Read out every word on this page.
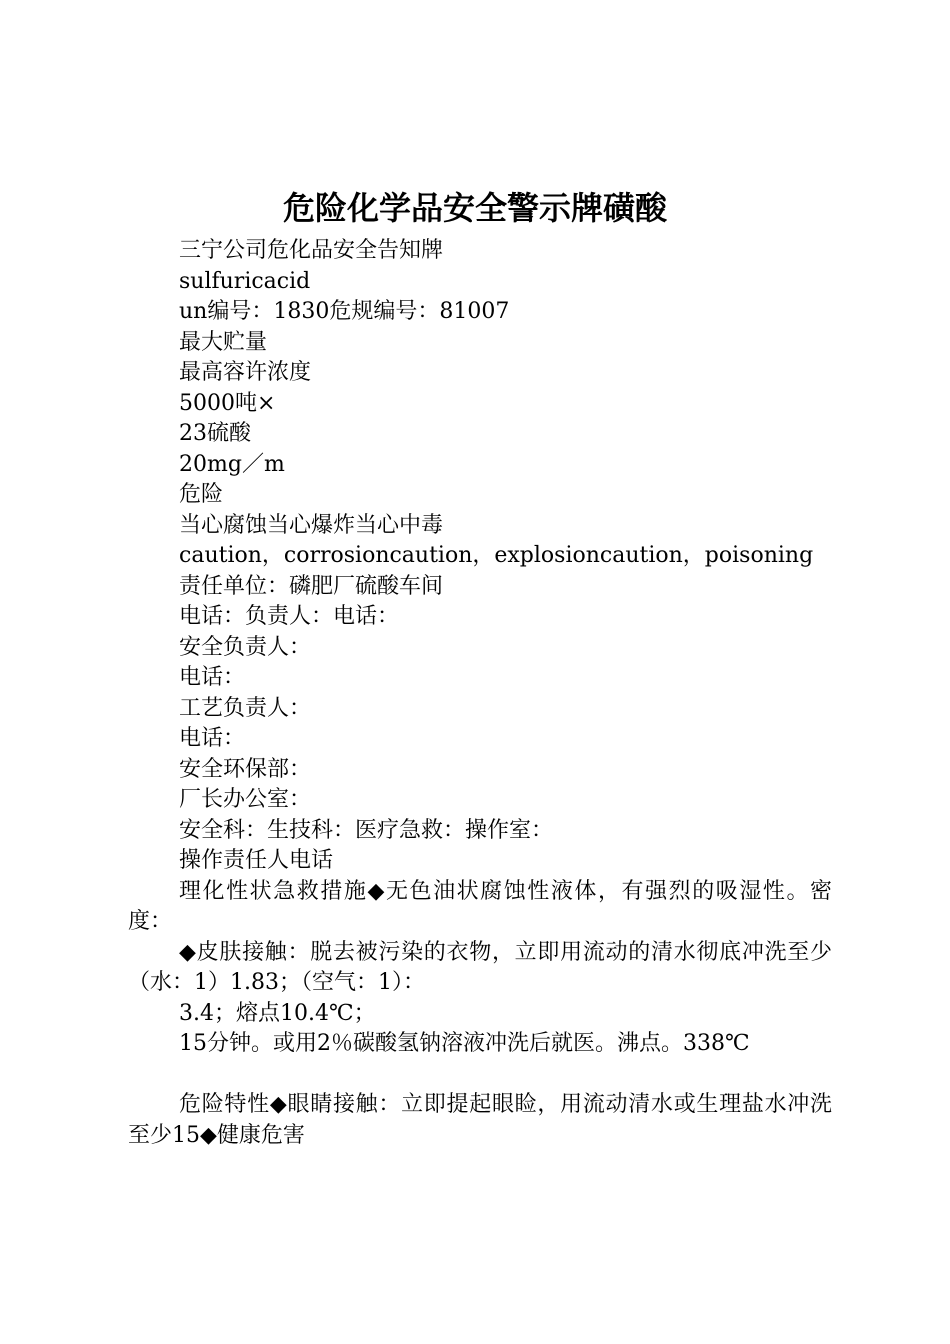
危险化学品安全警示牌磺酸

三宁公司危化品安全告知牌

sulfuricacid

un编号：1830危规编号：81007

最大贮量

最高容许浓度

5000吨×

23硫酸

20mg／m

危险

当心腐蚀当心爆炸当心中毒

caution，corrosioncaution，explosioncaution，poisoning

责任单位：磷肥厂硫酸车间

电话：负责人：电话：

安全负责人：

电话：

工艺负责人：

电话：

安全环保部：

厂长办公室：

安全科：生技科：医疗急救：操作室：

操作责任人电话

理化性状急救措施◆无色油状腐蚀性液体，有强烈的吸湿性。密度：

◆皮肤接触：脱去被污染的衣物，立即用流动的清水彻底冲洗至少（水：1）1.83；（空气：1）：

3.4；熔点10.4℃；

15分钟。或用2％碳酸氢钠溶液冲洗后就医。沸点。338℃

危险特性◆眼睛接触：立即提起眼睑，用流动清水或生理盐水冲洗至少15◆健康危害
